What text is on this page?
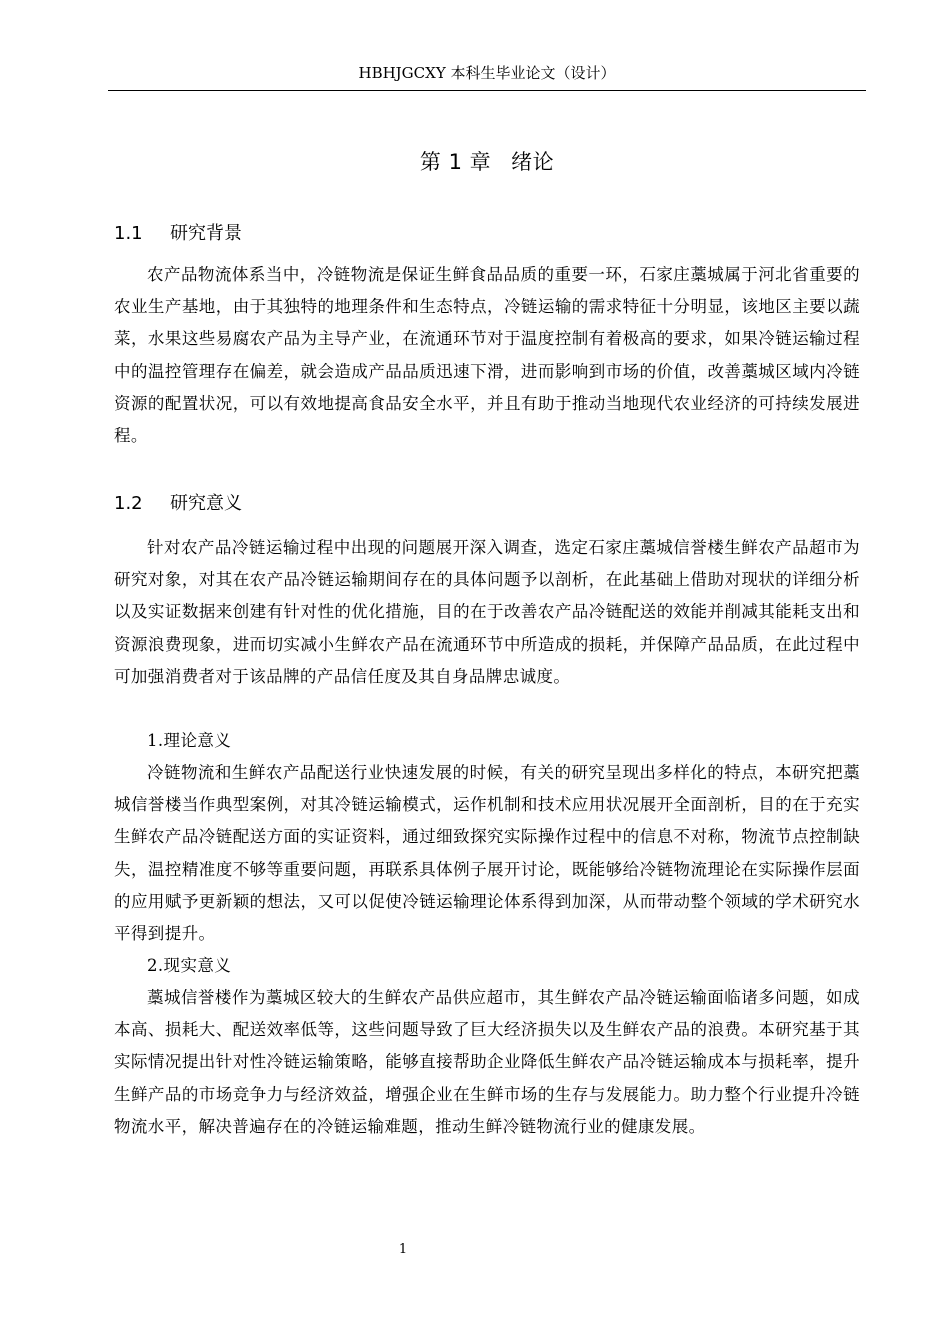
HBHJGCXY 本科生毕业论文（设计）
第 1 章 绪论
1.1 研究背景
农产品物流体系当中，冷链物流是保证生鲜食品品质的重要一环，石家庄藁城属于河北省重要的农业生产基地，由于其独特的地理条件和生态特点，冷链运输的需求特征十分明显，该地区主要以蔬菜，水果这些易腐农产品为主导产业，在流通环节对于温度控制有着极高的要求，如果冷链运输过程中的温控管理存在偏差，就会造成产品品质迅速下滑，进而影响到市场的价值，改善藁城区域内冷链资源的配置状况，可以有效地提高食品安全水平，并且有助于推动当地现代农业经济的可持续发展进程。
1.2 研究意义
针对农产品冷链运输过程中出现的问题展开深入调查，选定石家庄藁城信誉楼生鲜农产品超市为研究对象，对其在农产品冷链运输期间存在的具体问题予以剖析，在此基础上借助对现状的详细分析以及实证数据来创建有针对性的优化措施，目的在于改善农产品冷链配送的效能并削减其能耗支出和资源浪费现象，进而切实减小生鲜农产品在流通环节中所造成的损耗，并保障产品品质，在此过程中可加强消费者对于该品牌的产品信任度及其自身品牌忠诚度。
1.理论意义
冷链物流和生鲜农产品配送行业快速发展的时候，有关的研究呈现出多样化的特点，本研究把藁城信誉楼当作典型案例，对其冷链运输模式，运作机制和技术应用状况展开全面剖析，目的在于充实生鲜农产品冷链配送方面的实证资料，通过细致探究实际操作过程中的信息不对称，物流节点控制缺失，温控精准度不够等重要问题，再联系具体例子展开讨论，既能够给冷链物流理论在实际操作层面的应用赋予更新颖的想法，又可以促使冷链运输理论体系得到加深，从而带动整个领域的学术研究水平得到提升。
2.现实意义
藁城信誉楼作为藁城区较大的生鲜农产品供应超市，其生鲜农产品冷链运输面临诸多问题，如成本高、损耗大、配送效率低等，这些问题导致了巨大经济损失以及生鲜农产品的浪费。本研究基于其实际情况提出针对性冷链运输策略，能够直接帮助企业降低生鲜农产品冷链运输成本与损耗率，提升生鲜产品的市场竞争力与经济效益，增强企业在生鲜市场的生存与发展能力。助力整个行业提升冷链物流水平，解决普遍存在的冷链运输难题，推动生鲜冷链物流行业的健康发展。
1
